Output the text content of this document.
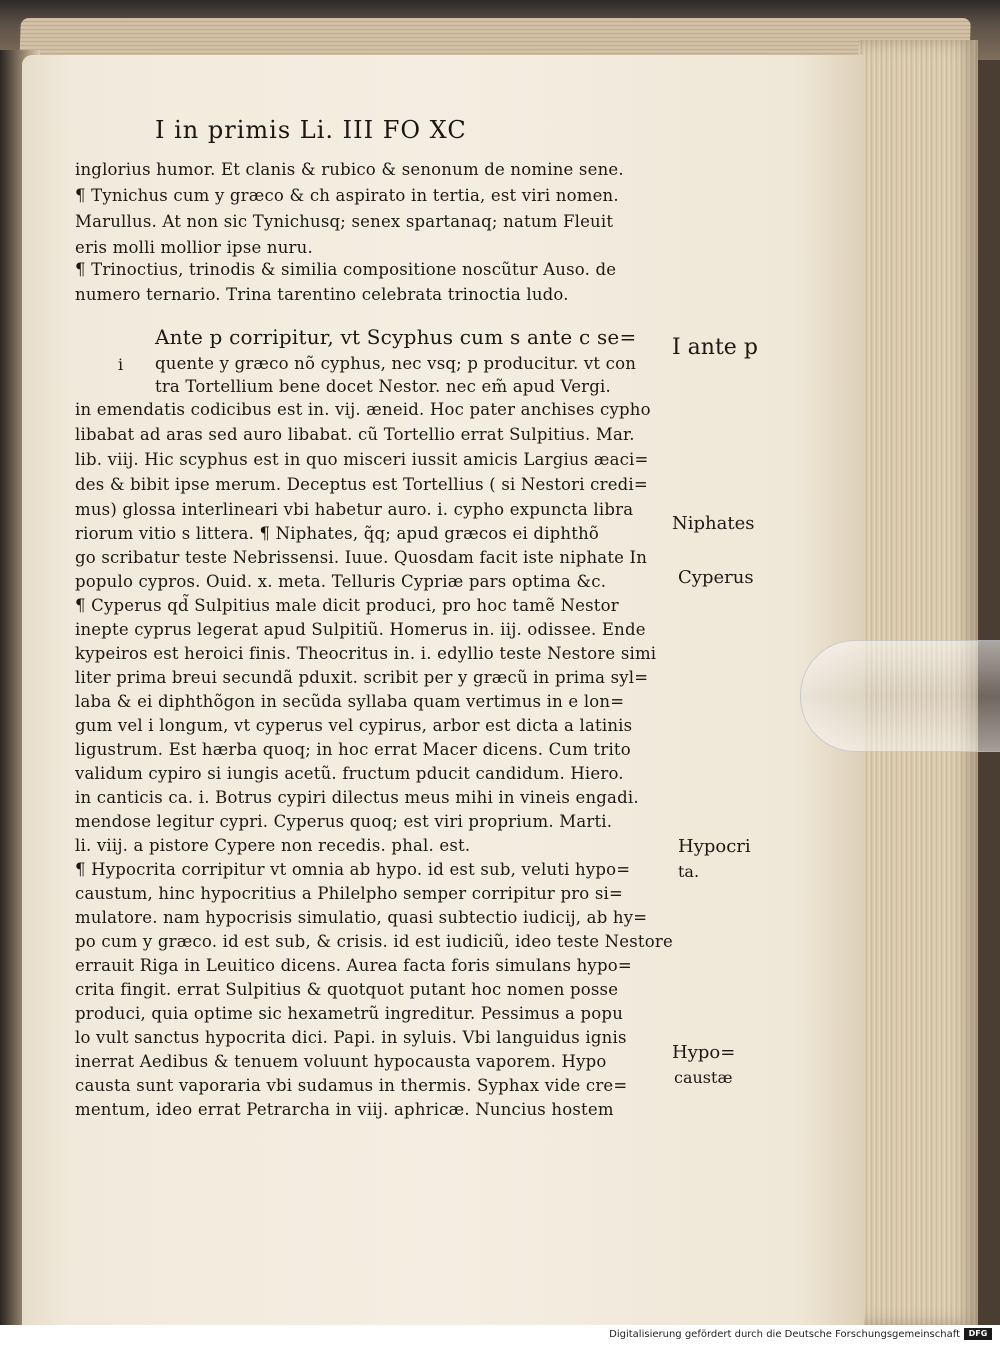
I in primis Li. III FO XC
inglorius humor. Et clanis & rubico & senonum de nomine sene.
¶ Tynichus cum y græco & ch aspirato in tertia, est viri nomen.
Marullus. At non sic Tynichusq; senex spartanaq; natum Fleuit
eris molli mollior ipse nuru.
¶ Trinoctius, trinodis & similia compositione noscũtur Auso. de
numero ternario. Trina tarentino celebrata trinoctia ludo.
Ante p corripitur, vt Scyphus cum s ante c se=
quente y græco nõ cyphus, nec vsq; p producitur. vt con
tra Tortellium bene docet Nestor. nec em̃ apud Vergi.
in emendatis codicibus est in. vij. æneid. Hoc pater anchises cypho
libabat ad aras sed auro libabat. cũ Tortellio errat Sulpitius. Mar.
lib. viij. Hic scyphus est in quo misceri iussit amicis Largius æaci=
des & bibit ipse merum. Deceptus est Tortellius ( si Nestori credi=
mus) glossa interlineari vbi habetur auro. i. cypho expuncta libra
riorum vitio s littera. ¶ Niphates, q̃q; apud græcos ei diphthõ
go scribatur teste Nebrissensi. Iuue. Quosdam facit iste niphate In
populo cypros. Ouid. x. meta. Telluris Cypriæ pars optima &c.
¶ Cyperus qd̃ Sulpitius male dicit produci, pro hoc tamẽ Nestor
inepte cyprus legerat apud Sulpitiũ. Homerus in. iij. odissee. Ende
kypeiros est heroici finis. Theocritus in. i. edyllio teste Nestore simi
liter prima breui secundã pduxit. scribit per y græcũ in prima syl=
laba & ei diphthõgon in secũda syllaba quam vertimus in e lon=
gum vel i longum, vt cyperus vel cypirus, arbor est dicta a latinis
ligustrum. Est hærba quoq; in hoc errat Macer dicens. Cum trito
validum cypiro si iungis acetũ. fructum pducit candidum. Hiero.
in canticis ca. i. Botrus cypiri dilectus meus mihi in vineis engadi.
mendose legitur cypri. Cyperus quoq; est viri proprium. Marti.
li. viij. a pistore Cypere non recedis. phal. est.
¶ Hypocrita corripitur vt omnia ab hypo. id est sub, veluti hypo=
caustum, hinc hypocritius a Philelpho semper corripitur pro si=
mulatore. nam hypocrisis simulatio, quasi subtectio iudicij, ab hy=
po cum y græco. id est sub, & crisis. id est iudiciũ, ideo teste Nestore
errauit Riga in Leuitico dicens. Aurea facta foris simulans hypo=
crita fingit. errat Sulpitius & quotquot putant hoc nomen posse
produci, quia optime sic hexametrũ ingreditur. Pessimus a popu
lo vult sanctus hypocrita dici. Papi. in syluis. Vbi languidus ignis
inerrat Aedibus & tenuem voluunt hypocausta vaporem. Hypo
causta sunt vaporaria vbi sudamus in thermis. Syphax vide cre=
mentum, ideo errat Petrarcha in viij. aphricæ. Nuncius hostem
i
I ante p
Niphates
Cyperus
Hypocri
ta.
Hypo=
caustæ
Digitalisierung gefördert durch die Deutsche Forschungsgemeinschaft	DFG
